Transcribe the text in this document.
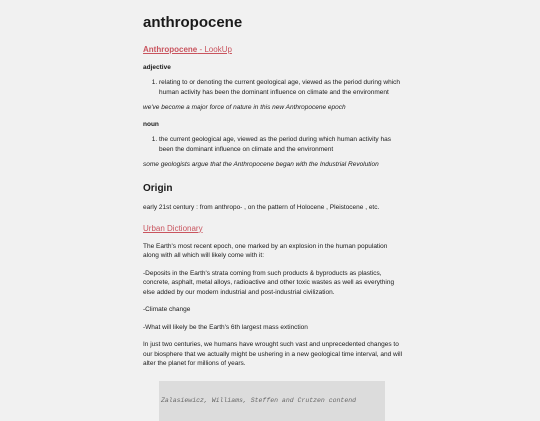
anthropocene
Anthropocene - LookUp
adjective
1. relating to or denoting the current geological age, viewed as the period during which human activity has been the dominant influence on climate and the environment
we've become a major force of nature in this new Anthropocene epoch
noun
1. the current geological age, viewed as the period during which human activity has been the dominant influence on climate and the environment
some geologists argue that the Anthropocene began with the Industrial Revolution
Origin
early 21st century : from anthropo- , on the pattern of Holocene , Pleistocene , etc.
Urban Dictionary
The Earth's most recent epoch, one marked by an explosion in the human population along with all which will likely come with it:
-Deposits in the Earth's strata coming from such products & byproducts as plastics, concrete, asphalt, metal alloys, radioactive and other toxic wastes as well as everything else added by our modern industrial and post-industrial civilization.
-Climate change
-What will likely be the Earth's 6th largest mass extinction
In just two centuries, we humans have wrought such vast and unprecedented changes to our biosphere that we actually might be ushering in a new geological time interval, and will alter the planet for millions of years.
Zalasiewicz, Williams, Steffen and Crutzen contend
